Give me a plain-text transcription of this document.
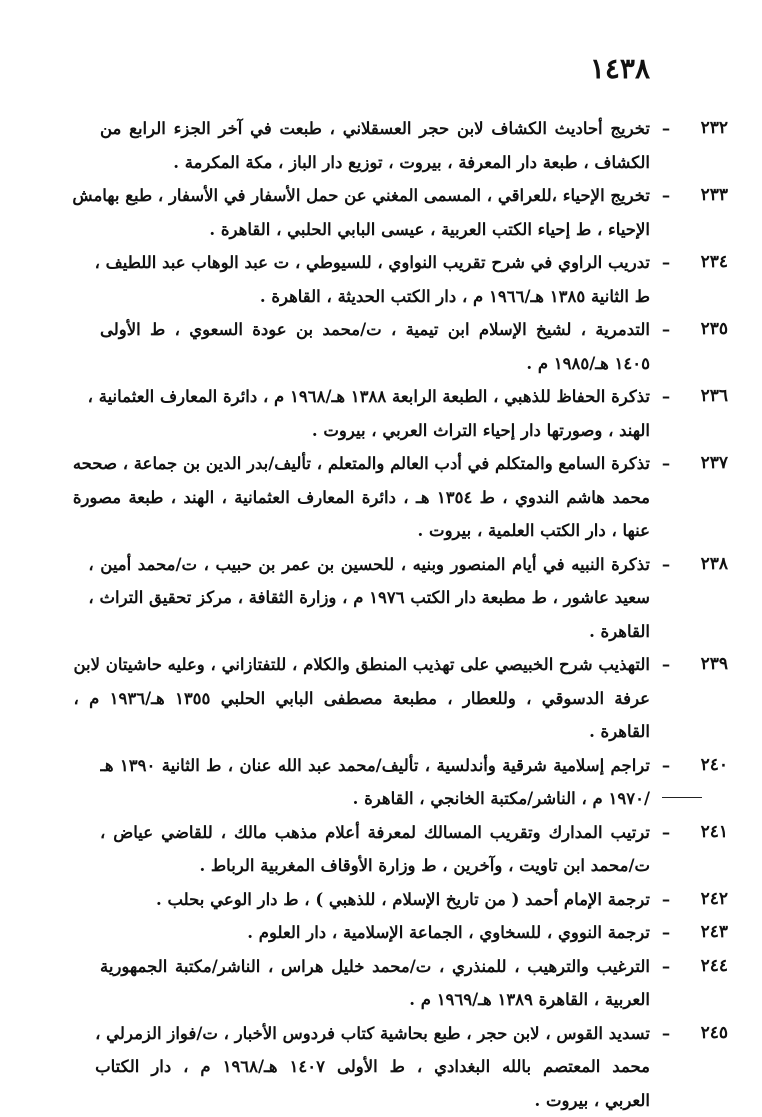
١٤٣٨
٢٣٢
–
تخريج أحاديث الكشاف لابن حجر العسقلاني ، طبعت في آخر الجزء الرابع من
الكشاف ، طبعة دار المعرفة ، بيروت ، توزيع دار الباز ، مكة المكرمة .
٢٣٣
–
تخريج الإحياء ،للعراقي ، المسمى المغني عن حمل الأسفار في الأسفار ، طبع بهامش
الإحياء ، ط إحياء الكتب العربية ، عيسى البابي الحلبي ، القاهرة .
٢٣٤
–
تدريب الراوي في شرح تقريب النواوي ، للسيوطي ، ت عبد الوهاب عبد اللطيف ،
ط الثانية ١٣٨٥ هـ/١٩٦٦ م ، دار الكتب الحديثة ، القاهرة .
٢٣٥
–
التدمرية ، لشيخ الإسلام ابن تيمية ، ت/محمد بن عودة السعوي ، ط الأولى
١٤٠٥ هـ/١٩٨٥ م .
٢٣٦
–
تذكرة الحفاظ للذهبي ، الطبعة الرابعة ١٣٨٨ هـ/١٩٦٨ م ، دائرة المعارف العثمانية ،
الهند ، وصورتها دار إحياء التراث العربي ، بيروت .
٢٣٧
–
تذكرة السامع والمتكلم في أدب العالم والمتعلم ، تأليف/بدر الدين بن جماعة ، صححه
محمد هاشم الندوي ، ط ١٣٥٤ هـ ، دائرة المعارف العثمانية ، الهند ، طبعة مصورة
عنها ، دار الكتب العلمية ، بيروت .
٢٣٨
–
تذكرة النبيه في أيام المنصور وبنيه ، للحسين بن عمر بن حبيب ، ت/محمد أمين ،
سعيد عاشور ، ط مطبعة دار الكتب ١٩٧٦ م ، وزارة الثقافة ، مركز تحقيق التراث ،
القاهرة .
٢٣٩
–
التهذيب شرح الخبيصي على تهذيب المنطق والكلام ، للتفتازاني ، وعليه حاشيتان لابن
عرفة الدسوقي ، وللعطار ، مطبعة مصطفى البابي الحلبي ١٣٥٥ هـ/١٩٣٦ م ،
القاهرة .
٢٤٠
–
تراجم إسلامية شرقية وأندلسية ، تأليف/محمد عبد الله عنان ، ط الثانية ١٣٩٠ هـ
/١٩٧٠ م ، الناشر/مكتبة الخانجي ، القاهرة .
٢٤١
–
ترتيب المدارك وتقريب المسالك لمعرفة أعلام مذهب مالك ، للقاضي عياض ،
ت/محمد ابن تاويت ، وآخرين ، ط وزارة الأوقاف المغربية الرباط .
٢٤٢
–
ترجمة الإمام أحمد ( من تاريخ الإسلام ، للذهبي ) ، ط دار الوعي بحلب .
٢٤٣
–
ترجمة النووي ، للسخاوي ، الجماعة الإسلامية ، دار العلوم .
٢٤٤
–
الترغيب والترهيب ، للمنذري ، ت/محمد خليل هراس ، الناشر/مكتبة الجمهورية
العربية ، القاهرة ١٣٨٩ هـ/١٩٦٩ م .
٢٤٥
–
تسديد القوس ، لابن حجر ، طبع بحاشية كتاب فردوس الأخبار ، ت/فواز الزمرلي ،
محمد المعتصم بالله البغدادي ، ط الأولى ١٤٠٧ هـ/١٩٦٨ م ، دار الكتاب
العربي ، بيروت .
